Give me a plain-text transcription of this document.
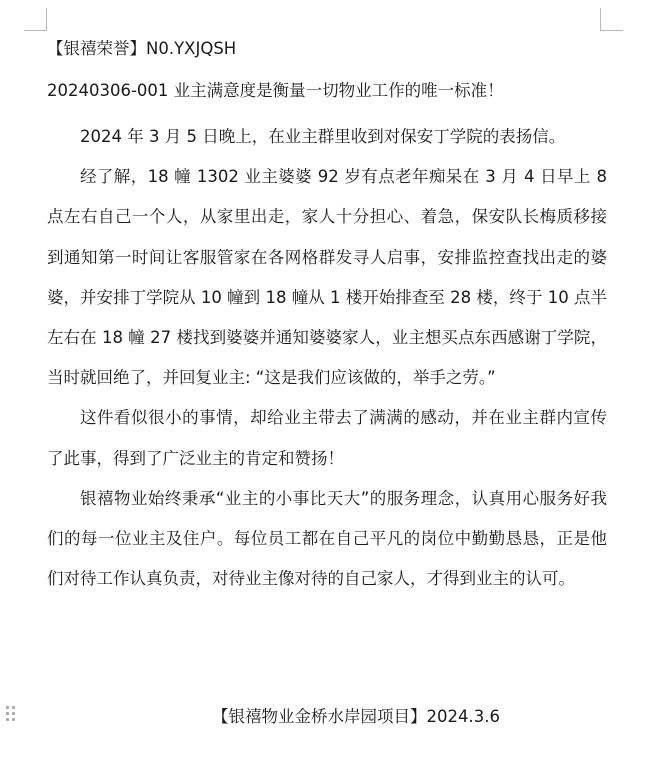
【银禧荣誉】N0.YXJQSH

20240306-001 业主满意度是衡量一切物业工作的唯一标准！

2024 年 3 月 5 日晚上，在业主群里收到对保安丁学院的表扬信。

经了解，18 幢 1302 业主婆婆 92 岁有点老年痴呆在 3 月 4 日早上 8 点左右自己一个人，从家里出走，家人十分担心、着急，保安队长梅质移接到通知第一时间让客服管家在各网格群发寻人启事，安排监控查找出走的婆婆，并安排丁学院从 10 幢到 18 幢从 1 楼开始排查至 28 楼，终于 10 点半左右在 18 幢 27 楼找到婆婆并通知婆婆家人，业主想买点东西感谢丁学院，当时就回绝了，并回复业主: “这是我们应该做的，举手之劳。”

这件看似很小的事情，却给业主带去了满满的感动，并在业主群内宣传了此事，得到了广泛业主的肯定和赞扬！

银禧物业始终秉承“业主的小事比天大”的服务理念，认真用心服务好我们的每一位业主及住户。每位员工都在自己平凡的岗位中勤勤恳恳，正是他们对待工作认真负责，对待业主像对待的自己家人，才得到业主的认可。

【银禧物业金桥水岸园项目】2024.3.6
